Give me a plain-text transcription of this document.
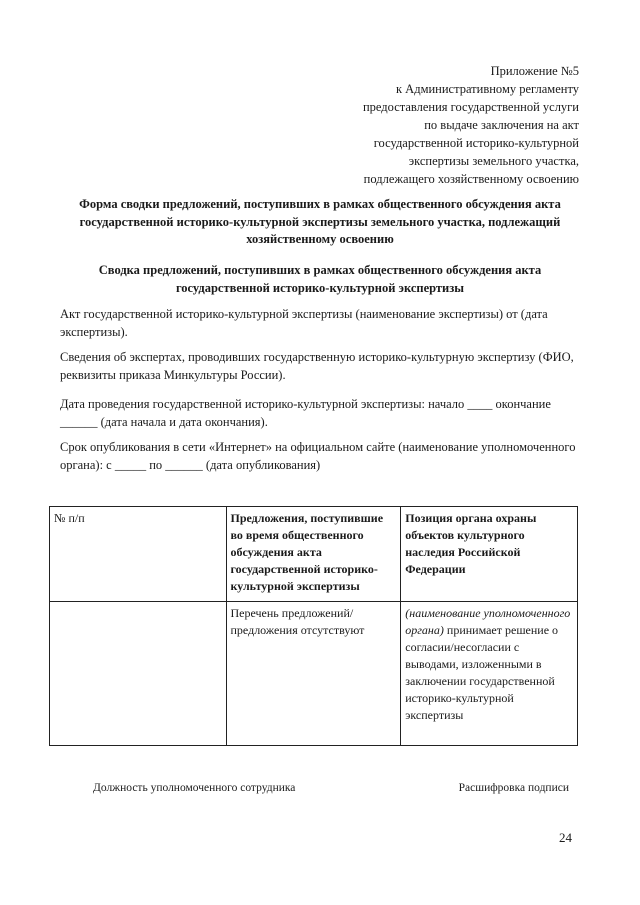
Приложение №5
к Административному регламенту
предоставления государственной услуги
по выдаче заключения на акт
государственной историко-культурной
экспертизы земельного участка,
подлежащего хозяйственному освоению
Форма сводки предложений, поступивших в рамках общественного обсуждения акта государственной историко-культурной экспертизы земельного участка, подлежащий хозяйственному освоению
Сводка предложений, поступивших в рамках общественного обсуждения акта государственной историко-культурной экспертизы
Акт государственной историко-культурной экспертизы (наименование экспертизы) от (дата экспертизы).
Сведения об экспертах, проводивших государственную историко-культурную экспертизу (ФИО, реквизиты приказа Минкультуры России).
Дата проведения государственной историко-культурной экспертизы: начало ____ окончание ______ (дата начала и дата окончания).
Срок опубликования в сети «Интернет» на официальном сайте (наименование уполномоченного органа): с _____ по ______ (дата опубликования)
№ п/п	Предложения, поступившие во время общественного обсуждения акта государственной историко-культурной экспертизы	Позиция органа охраны объектов культурного наследия Российской Федерации
	Перечень предложений/предложения отсутствуют	(наименование уполномоченного органа) принимает решение о согласии/несогласии с выводами, изложенными в заключении государственной историко-культурной экспертизы
Должность уполномоченного сотрудника	Расшифровка подписи
24
